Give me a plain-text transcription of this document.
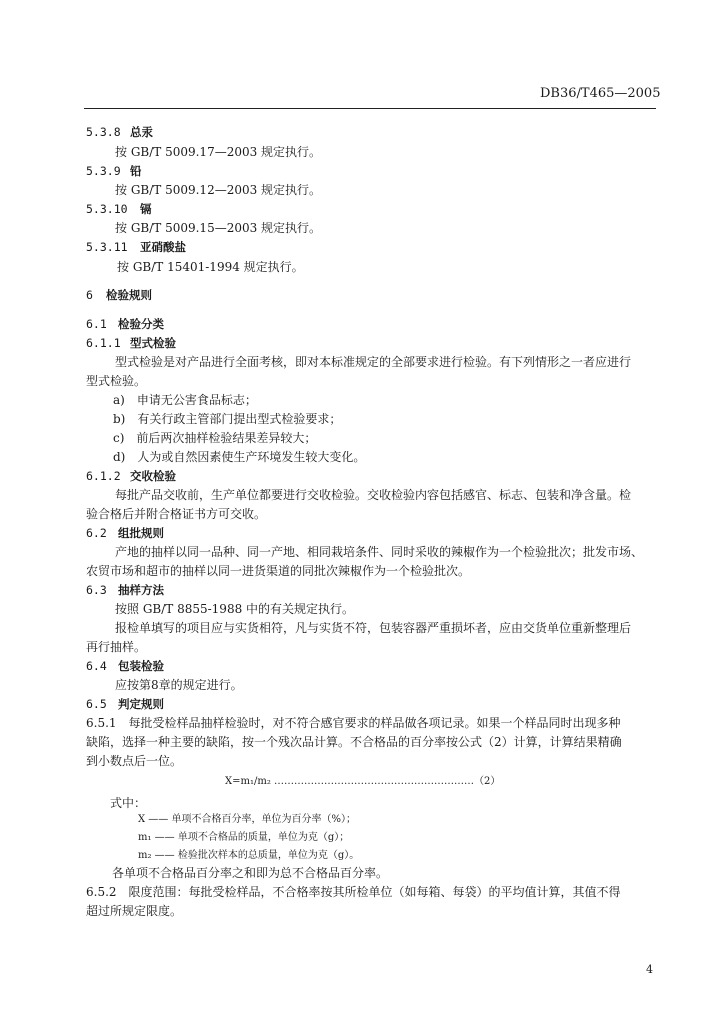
DB36/T465—2005
5.3.8 总汞
按 GB/T 5009.17—2003 规定执行。
5.3.9 铅
按 GB/T 5009.12—2003 规定执行。
5.3.10 镉
按 GB/T 5009.15—2003 规定执行。
5.3.11 亚硝酸盐
按 GB/T 15401-1994 规定执行。
6 检验规则
6.1 检验分类
6.1.1 型式检验
型式检验是对产品进行全面考核，即对本标准规定的全部要求进行检验。有下列情形之一者应进行
型式检验。
a)　申请无公害食品标志；
b)　有关行政主管部门提出型式检验要求；
c)　前后两次抽样检验结果差异较大；
d)　人为或自然因素使生产环境发生较大变化。
6.1.2 交收检验
每批产品交收前，生产单位都要进行交收检验。交收检验内容包括感官、标志、包装和净含量。检
验合格后并附合格证书方可交收。
6.2 组批规则
产地的抽样以同一品种、同一产地、相同栽培条件、同时采收的辣椒作为一个检验批次；批发市场、
农贸市场和超市的抽样以同一进货渠道的同批次辣椒作为一个检验批次。
6.3 抽样方法
按照 GB/T 8855-1988 中的有关规定执行。
报检单填写的项目应与实货相符，凡与实货不符，包装容器严重损坏者，应由交货单位重新整理后
再行抽样。
6.4 包装检验
应按第8章的规定进行。
6.5 判定规则
6.5.1　每批受检样品抽样检验时，对不符合感官要求的样品做各项记录。如果一个样品同时出现多种
缺陷，选择一种主要的缺陷，按一个残次品计算。不合格品的百分率按公式（2）计算，计算结果精确
到小数点后一位。
X=m₁/m₂ ……………………………………………………（2）
式中：
X —— 单项不合格百分率，单位为百分率（%）；
m₁ —— 单项不合格品的质量，单位为克（g）；
m₂ —— 检验批次样本的总质量，单位为克（g）。
各单项不合格品百分率之和即为总不合格品百分率。
6.5.2　限度范围：每批受检样品，不合格率按其所检单位（如每箱、每袋）的平均值计算，其值不得
超过所规定限度。
4
